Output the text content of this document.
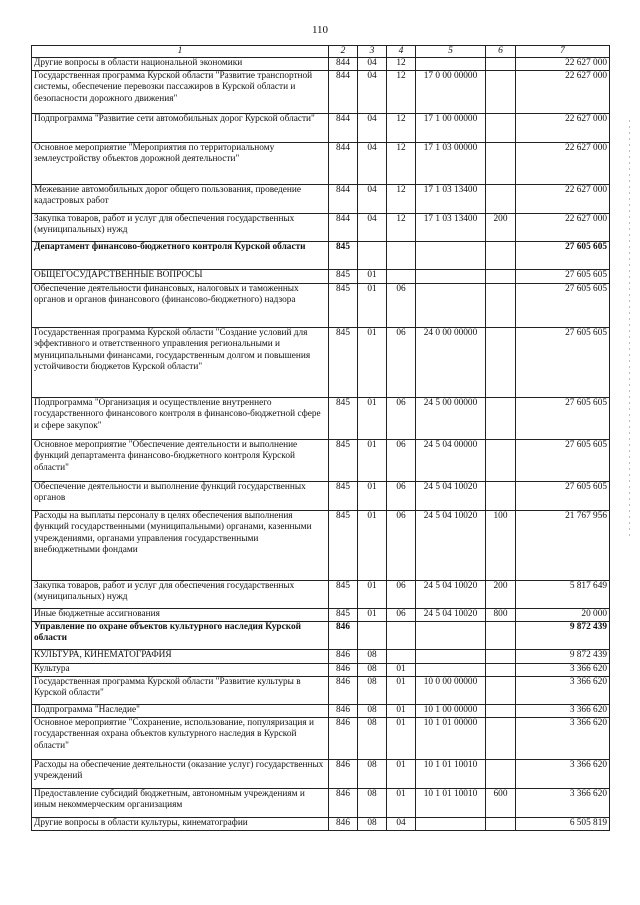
110
1	2	3	4	5	6	7
Другие вопросы в области национальной экономики	844	04	12			22 627 000
Государственная программа Курской области "Развитие транспортной системы, обеспечение перевозки пассажиров в Курской области и безопасности дорожного движения"	844	04	12	17 0 00 00000		22 627 000
Подпрограмма "Развитие сети автомобильных дорог Курской области"	844	04	12	17 1 00 00000		22 627 000
Основное мероприятие "Мероприятия по территориальному землеустройству объектов дорожной деятельности"	844	04	12	17 1 03 00000		22 627 000
Межевание автомобильных дорог общего пользования, проведение кадастровых работ	844	04	12	17 1 03 13400		22 627 000
Закупка товаров, работ и услуг для обеспечения государственных (муниципальных) нужд	844	04	12	17 1 03 13400	200	22 627 000
Департамент финансово-бюджетного контроля Курской области	845					27 605 605
ОБЩЕГОСУДАРСТВЕННЫЕ ВОПРОСЫ	845	01				27 605 605
Обеспечение деятельности финансовых, налоговых и таможенных органов и органов финансового (финансово-бюджетного) надзора	845	01	06			27 605 605
Государственная программа Курской области "Создание условий для эффективного и ответственного управления региональными и муниципальными финансами, государственным долгом и повышения устойчивости бюджетов Курской области"	845	01	06	24 0 00 00000		27 605 605
Подпрограмма "Организация и осуществление внутреннего государственного финансового контроля в финансово-бюджетной сфере и сфере закупок"	845	01	06	24 5 00 00000		27 605 605
Основное мероприятие "Обеспечение деятельности и выполнение функций департамента финансово-бюджетного контроля Курской области"	845	01	06	24 5 04 00000		27 605 605
Обеспечение деятельности и выполнение функций государственных органов	845	01	06	24 5 04 10020		27 605 605
Расходы на выплаты персоналу в целях обеспечения выполнения функций государственными (муниципальными) органами, казенными учреждениями, органами управления государственными внебюджетными фондами	845	01	06	24 5 04 10020	100	21 767 956
Закупка товаров, работ и услуг для обеспечения государственных (муниципальных) нужд	845	01	06	24 5 04 10020	200	5 817 649
Иные бюджетные ассигнования	845	01	06	24 5 04 10020	800	20 000
Управление по охране объектов культурного наследия Курской области	846					9 872 439
КУЛЬТУРА, КИНЕМАТОГРАФИЯ	846	08				9 872 439
Культура	846	08	01			3 366 620
Государственная программа Курской области "Развитие культуры в Курской области"	846	08	01	10 0 00 00000		3 366 620
Подпрограмма "Наследие"	846	08	01	10 1 00 00000		3 366 620
Основное мероприятие "Сохранение, использование, популяризация и государственная охрана объектов культурного наследия в Курской области"	846	08	01	10 1 01 00000		3 366 620
Расходы на обеспечение деятельности (оказание услуг) государственных учреждений	846	08	01	10 1 01 10010		3 366 620
Предоставление субсидий бюджетным, автономным учреждениям и иным некоммерческим организациям	846	08	01	10 1 01 10010	600	3 366 620
Другие вопросы в области культуры, кинематографии	846	08	04			6 505 819
